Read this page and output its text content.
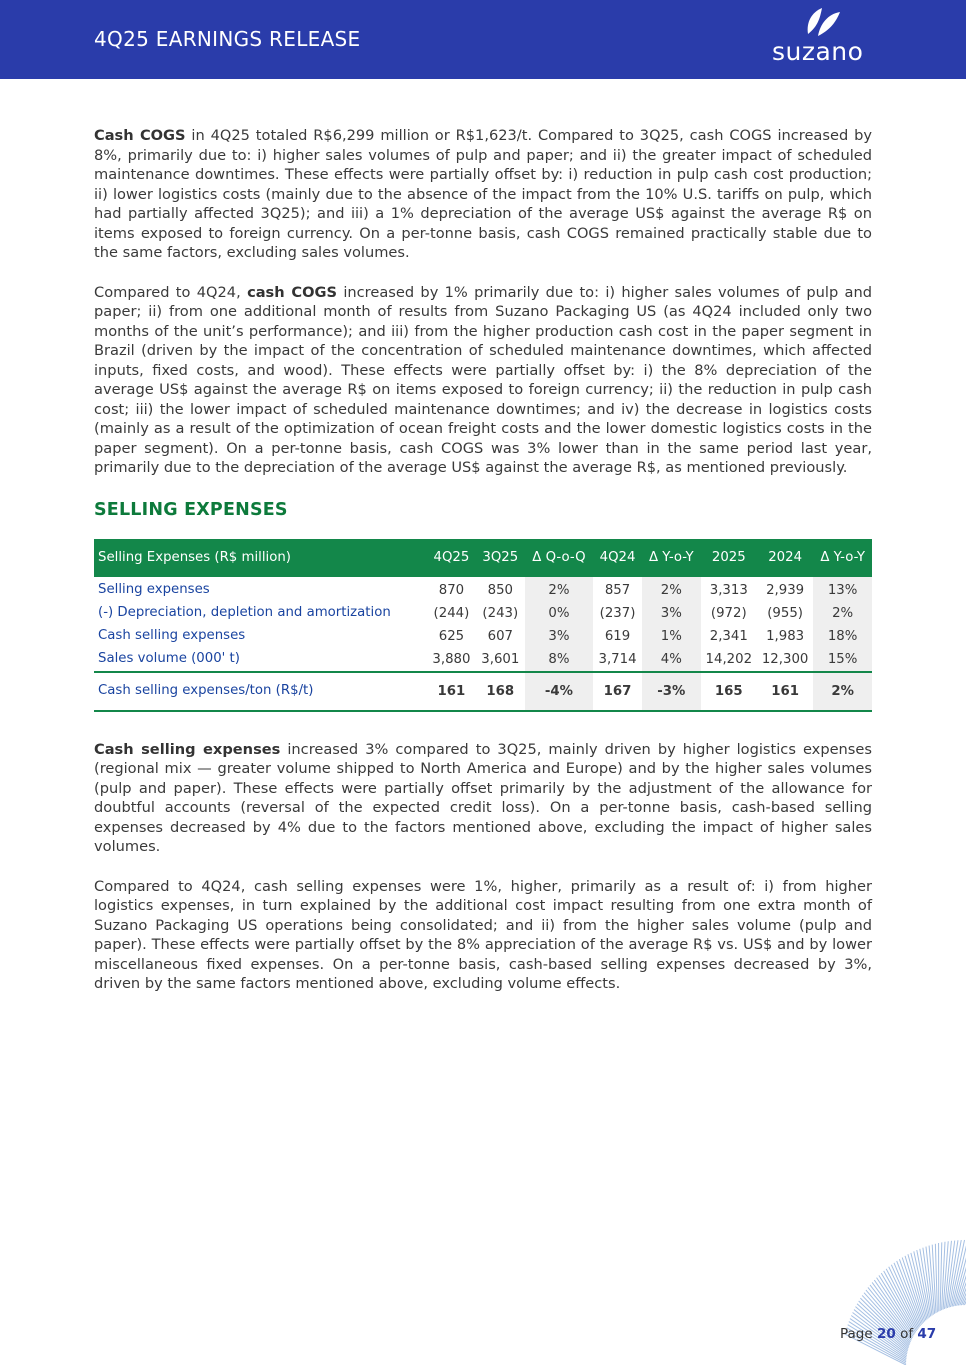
4Q25 EARNINGS RELEASE	suzano

Cash COGS in 4Q25 totaled R$6,299 million or R$1,623/t. Compared to 3Q25, cash COGS increased by 8%, primarily due to: i) higher sales volumes of pulp and paper; and ii) the greater impact of scheduled maintenance downtimes. These effects were partially offset by: i) reduction in pulp cash cost production; ii) lower logistics costs (mainly due to the absence of the impact from the 10% U.S. tariffs on pulp, which had partially affected 3Q25); and iii) a 1% depreciation of the average US$ against the average R$ on items exposed to foreign currency. On a per-tonne basis, cash COGS remained practically stable due to the same factors, excluding sales volumes.

Compared to 4Q24, cash COGS increased by 1% primarily due to: i) higher sales volumes of pulp and paper; ii) from one additional month of results from Suzano Packaging US (as 4Q24 included only two months of the unit’s performance); and iii) from the higher production cash cost in the paper segment in Brazil (driven by the impact of the concentration of scheduled maintenance downtimes, which affected inputs, fixed costs, and wood). These effects were partially offset by: i) the 8% depreciation of the average US$ against the average R$ on items exposed to foreign currency; ii) the reduction in pulp cash cost; iii) the lower impact of scheduled maintenance downtimes; and iv) the decrease in logistics costs (mainly as a result of the optimization of ocean freight costs and the lower domestic logistics costs in the paper segment). On a per-tonne basis, cash COGS was 3% lower than in the same period last year, primarily due to the depreciation of the average US$ against the average R$, as mentioned previously.

SELLING EXPENSES
Selling Expenses (R$ million)	4Q25	3Q25	Δ Q-o-Q	4Q24	Δ Y-o-Y	2025	2024	Δ Y-o-Y
Selling expenses	870	850	2%	857	2%	3,313	2,939	13%
(-) Depreciation, depletion and amortization	(244)	(243)	0%	(237)	3%	(972)	(955)	2%
Cash selling expenses	625	607	3%	619	1%	2,341	1,983	18%
Sales volume (000' t)	3,880	3,601	8%	3,714	4%	14,202	12,300	15%
Cash selling expenses/ton (R$/t)	161	168	-4%	167	-3%	165	161	2%

Cash selling expenses increased 3% compared to 3Q25, mainly driven by higher logistics expenses (regional mix — greater volume shipped to North America and Europe) and by the higher sales volumes (pulp and paper). These effects were partially offset primarily by the adjustment of the allowance for doubtful accounts (reversal of the expected credit loss). On a per-tonne basis, cash-based selling expenses decreased by 4% due to the factors mentioned above, excluding the impact of higher sales volumes.

Compared to 4Q24, cash selling expenses were 1%, higher, primarily as a result of: i) from higher logistics expenses, in turn explained by the additional cost impact resulting from one extra month of Suzano Packaging US operations being consolidated; and ii) from the higher sales volume (pulp and paper). These effects were partially offset by the 8% appreciation of the average R$ vs. US$ and by lower miscellaneous fixed expenses. On a per-tonne basis, cash-based selling expenses decreased by 3%, driven by the same factors mentioned above, excluding volume effects.

Page 20 of 47
